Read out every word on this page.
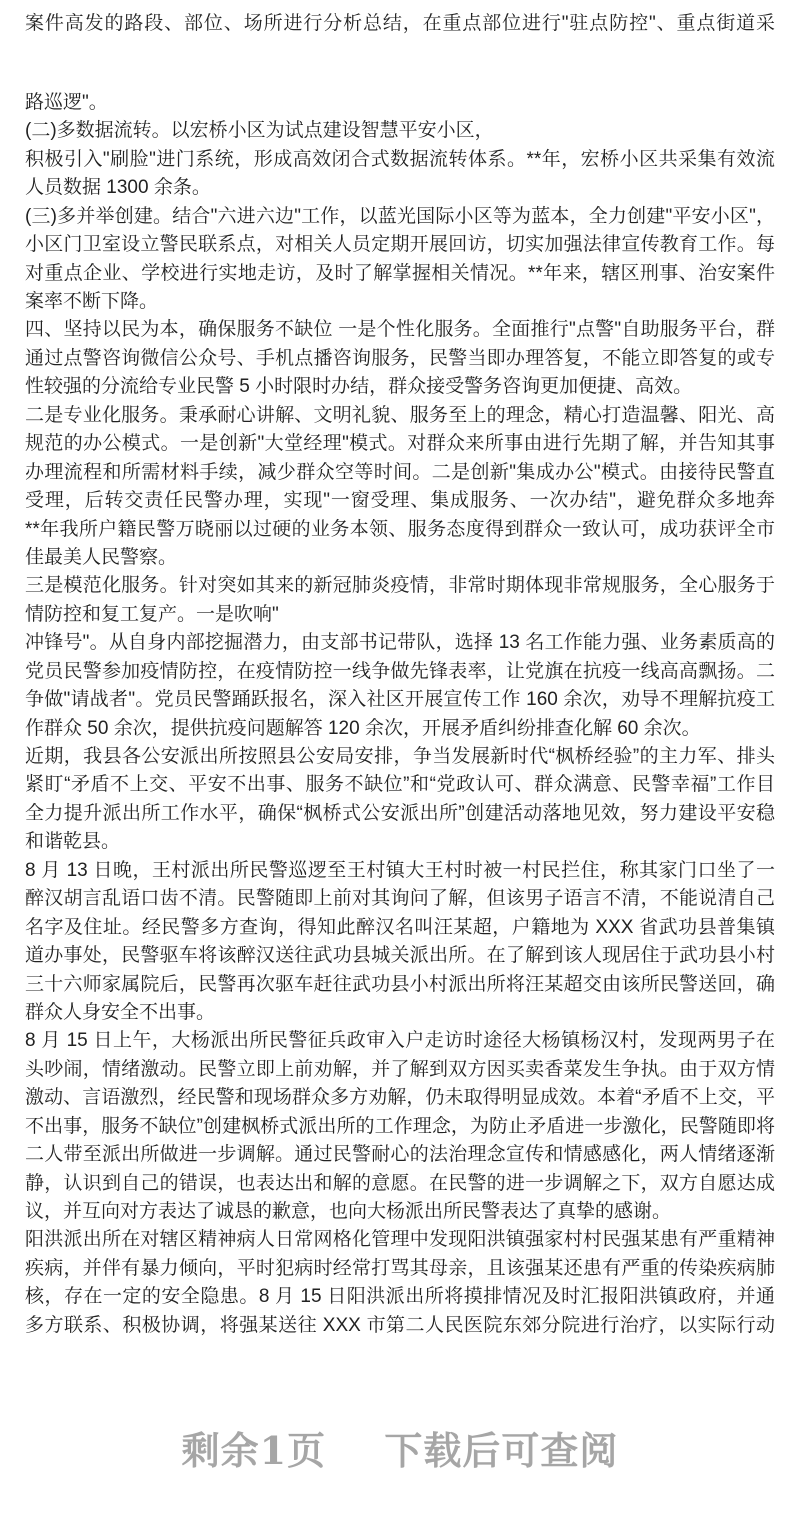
案件高发的路段、部位、场所进行分析总结，在重点部位进行"驻点防控"、重点街道采
路巡逻"。
(二)多数据流转。以宏桥小区为试点建设智慧平安小区，
积极引入"刷脸"进门系统，形成高效闭合式数据流转体系。**年，宏桥小区共采集有效流
人员数据 1300 余条。
(三)多并举创建。结合"六进六边"工作，以蓝光国际小区等为蓝本，全力创建"平安小区"，
小区门卫室设立警民联系点，对相关人员定期开展回访，切实加强法律宣传教育工作。每
对重点企业、学校进行实地走访，及时了解掌握相关情况。**年来，辖区刑事、治安案件
案率不断下降。
四、坚持以民为本，确保服务不缺位 一是个性化服务。全面推行"点警"自助服务平台，群
通过点警咨询微信公众号、手机点播咨询服务，民警当即办理答复，不能立即答复的或专
性较强的分流给专业民警 5 小时限时办结，群众接受警务咨询更加便捷、高效。
二是专业化服务。秉承耐心讲解、文明礼貌、服务至上的理念，精心打造温馨、阳光、高
规范的办公模式。一是创新"大堂经理"模式。对群众来所事由进行先期了解，并告知其事
办理流程和所需材料手续，减少群众空等时间。二是创新"集成办公"模式。由接待民警直
受理，后转交责任民警办理，实现"一窗受理、集成服务、一次办结"，避免群众多地奔
**年我所户籍民警万晓丽以过硬的业务本领、服务态度得到群众一致认可，成功获评全市
佳最美人民警察。
三是模范化服务。针对突如其来的新冠肺炎疫情，非常时期体现非常规服务，全心服务于
情防控和复工复产。一是吹响"
冲锋号"。从自身内部挖掘潜力，由支部书记带队，选择 13 名工作能力强、业务素质高的
党员民警参加疫情防控，在疫情防控一线争做先锋表率，让党旗在抗疫一线高高飘扬。二
争做"请战者"。党员民警踊跃报名，深入社区开展宣传工作 160 余次，劝导不理解抗疫工
作群众 50 余次，提供抗疫问题解答 120 余次，开展矛盾纠纷排查化解 60 余次。
近期，我县各公安派出所按照县公安局安排，争当发展新时代“枫桥经验”的主力军、排头
紧盯“矛盾不上交、平安不出事、服务不缺位”和“党政认可、群众满意、民警幸福”工作目
全力提升派出所工作水平，确保“枫桥式公安派出所”创建活动落地见效，努力建设平安稳
和谐乾县。
8 月 13 日晚，王村派出所民警巡逻至王村镇大王村时被一村民拦住，称其家门口坐了一
醉汉胡言乱语口齿不清。民警随即上前对其询问了解，但该男子语言不清，不能说清自己
名字及住址。经民警多方查询，得知此醉汉名叫汪某超，户籍地为 XXX 省武功县普集镇
道办事处，民警驱车将该醉汉送往武功县城关派出所。在了解到该人现居住于武功县小村
三十六师家属院后，民警再次驱车赶往武功县小村派出所将汪某超交由该所民警送回，确
群众人身安全不出事。
8 月 15 日上午，大杨派出所民警征兵政审入户走访时途径大杨镇杨汉村，发现两男子在
头吵闹，情绪激动。民警立即上前劝解，并了解到双方因买卖香菜发生争执。由于双方情
激动、言语激烈，经民警和现场群众多方劝解，仍未取得明显成效。本着“矛盾不上交，平
不出事，服务不缺位”创建枫桥式派出所的工作理念，为防止矛盾进一步激化，民警随即将
二人带至派出所做进一步调解。通过民警耐心的法治理念宣传和情感感化，两人情绪逐渐
静，认识到自己的错误，也表达出和解的意愿。在民警的进一步调解之下，双方自愿达成
议，并互向对方表达了诚恳的歉意，也向大杨派出所民警表达了真挚的感谢。
阳洪派出所在对辖区精神病人日常网格化管理中发现阳洪镇强家村村民强某患有严重精神
疾病，并伴有暴力倾向，平时犯病时经常打骂其母亲，且该强某还患有严重的传染疾病肺
核，存在一定的安全隐患。8 月 15 日阳洪派出所将摸排情况及时汇报阳洪镇政府，并通
多方联系、积极协调，将强某送往 XXX 市第二人民医院东郊分院进行治疗，以实际行动
剩余1页 下载后可查阅
